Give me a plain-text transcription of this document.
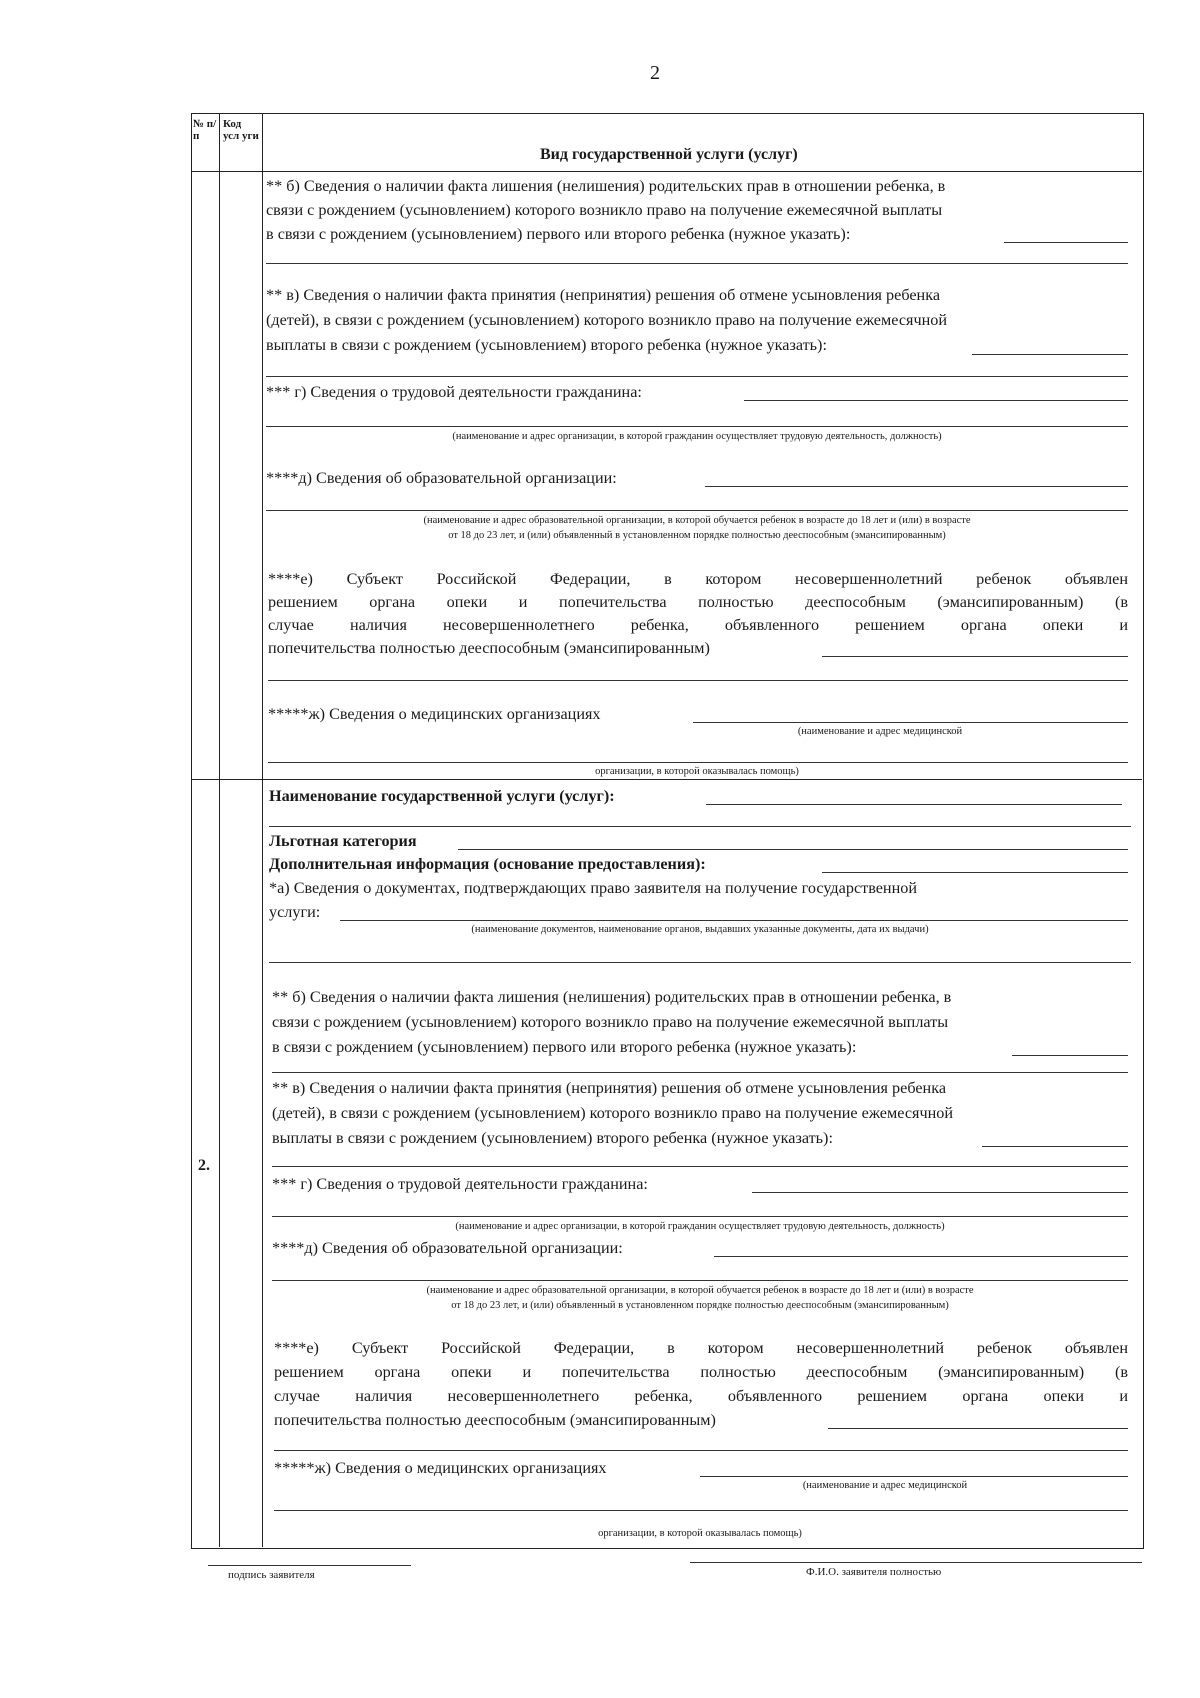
2
№ п/ п
Код усл уги
Вид государственной услуги (услуг)
** б) Сведения о наличии факта лишения (нелишения) родительских прав в отношении ребенка, в
связи с рождением (усыновлением) которого возникло право на получение ежемесячной выплаты
в связи с рождением (усыновлением) первого или второго ребенка (нужное указать):
** в) Сведения о наличии факта принятия (непринятия) решения об отмене усыновления ребенка
(детей), в связи с рождением (усыновлением) которого возникло право на получение ежемесячной
выплаты в связи с рождением (усыновлением) второго ребенка (нужное указать):
*** г) Сведения о трудовой деятельности гражданина:
(наименование и адрес организации, в которой гражданин осуществляет трудовую деятельность, должность)
****д) Сведения об образовательной организации:
(наименование и адрес образовательной организации, в которой обучается ребенок в возрасте до 18 лет и (или) в возрасте
от 18 до 23 лет, и (или) объявленный в установленном порядке полностью дееспособным (эмансипированным)
****е) Субъект Российской Федерации, в котором несовершеннолетний ребенок объявлен
решением органа опеки и попечительства полностью дееспособным (эмансипированным) (в
случае наличия несовершеннолетнего ребенка, объявленного решением органа опеки и
попечительства полностью дееспособным (эмансипированным)
*****ж) Сведения о медицинских организациях
(наименование и адрес медицинской
организации, в которой оказывалась помощь)
2.
Наименование государственной услуги (услуг):
Льготная категория
Дополнительная информация (основание предоставления):
*а) Сведения о документах, подтверждающих право заявителя на получение государственной
услуги:
(наименование документов, наименование органов, выдавших указанные документы, дата их выдачи)
** б) Сведения о наличии факта лишения (нелишения) родительских прав в отношении ребенка, в
связи с рождением (усыновлением) которого возникло право на получение ежемесячной выплаты
в связи с рождением (усыновлением) первого или второго ребенка (нужное указать):
** в) Сведения о наличии факта принятия (непринятия) решения об отмене усыновления ребенка
(детей), в связи с рождением (усыновлением) которого возникло право на получение ежемесячной
выплаты в связи с рождением (усыновлением) второго ребенка (нужное указать):
*** г) Сведения о трудовой деятельности гражданина:
(наименование и адрес организации, в которой гражданин осуществляет трудовую деятельность, должность)
****д) Сведения об образовательной организации:
(наименование и адрес образовательной организации, в которой обучается ребенок в возрасте до 18 лет и (или) в возрасте
от 18 до 23 лет, и (или) объявленный в установленном порядке полностью дееспособным (эмансипированным)
****е) Субъект Российской Федерации, в котором несовершеннолетний ребенок объявлен
решением органа опеки и попечительства полностью дееспособным (эмансипированным) (в
случае наличия несовершеннолетнего ребенка, объявленного решением органа опеки и
попечительства полностью дееспособным (эмансипированным)
*****ж) Сведения о медицинских организациях
(наименование и адрес медицинской
организации, в которой оказывалась помощь)
подпись заявителя	Ф.И.О. заявителя полностью
